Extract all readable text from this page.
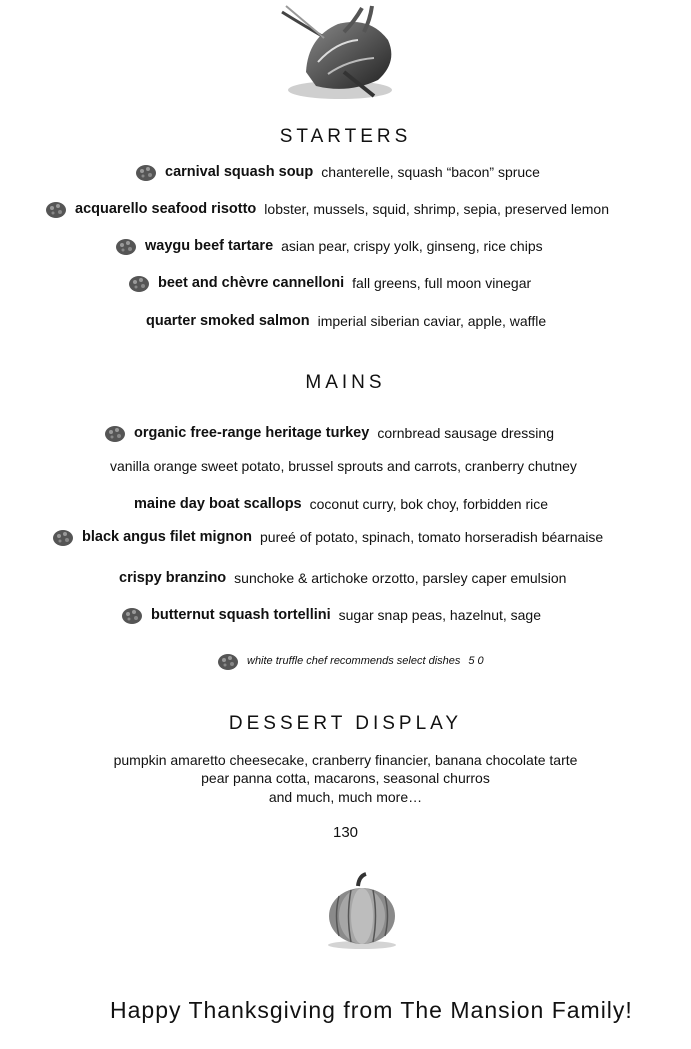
STARTERS
carnival squash soup chanterelle, squash “bacon” spruce
acquarello seafood risotto lobster, mussels, squid, shrimp, sepia, preserved lemon
waygu beef tartare asian pear, crispy yolk, ginseng, rice chips
beet and chèvre cannelloni fall greens, full moon vinegar
quarter smoked salmon imperial siberian caviar, apple, waffle
MAINS
organic free-range heritage turkey cornbread sausage dressing
vanilla orange sweet potato, brussel sprouts and carrots, cranberry chutney
maine day boat scallops coconut curry, bok choy, forbidden rice
black angus filet mignon pureé of potato, spinach, tomato horseradish béarnaise
crispy branzino sunchoke & artichoke orzotto, parsley caper emulsion
butternut squash tortellini sugar snap peas, hazelnut, sage
white truffle chef recommends select dishes 5 0
DESSERT DISPLAY
pumpkin amaretto cheesecake, cranberry financier, banana chocolate tarte
pear panna cotta, macarons, seasonal churros
and much, much more…
130
Happy Thanksgiving from The Mansion Family!
